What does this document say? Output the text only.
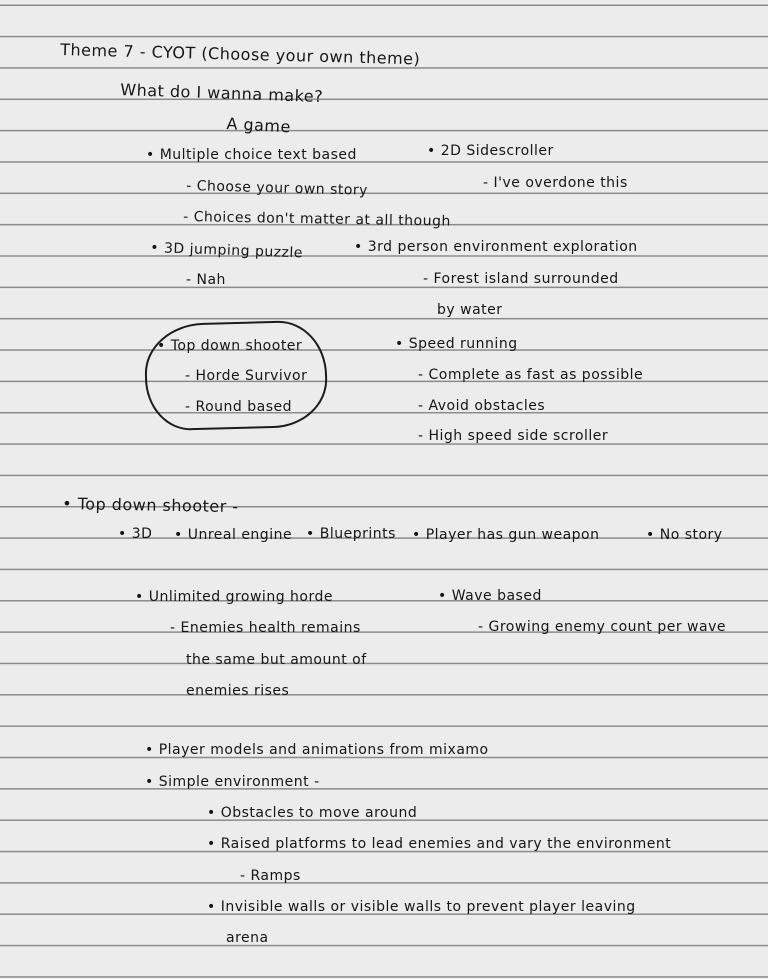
Theme 7 - CYOT (Choose your own theme)
What do I wanna make?
A game
• Multiple choice text based
- Choose your own story
- Choices don't matter at all though
• 2D Sidescroller
- I've overdone this
• 3D jumping puzzle
- Nah
• 3rd person environment exploration
- Forest island surrounded
by water
• Top down shooter
- Horde Survivor
- Round based
• Speed running
- Complete as fast as possible
- Avoid obstacles
- High speed side scroller
• Top down shooter -
• 3D • Unreal engine • Blueprints • Player has gun weapon	• No story
• Unlimited growing horde
- Enemies health remains
the same but amount of
enemies rises
• Wave based
- Growing enemy count per wave
• Player models and animations from mixamo
• Simple environment -
• Obstacles to move around
• Raised platforms to lead enemies and vary the environment
- Ramps
• Invisible walls or visible walls to prevent player leaving
arena
